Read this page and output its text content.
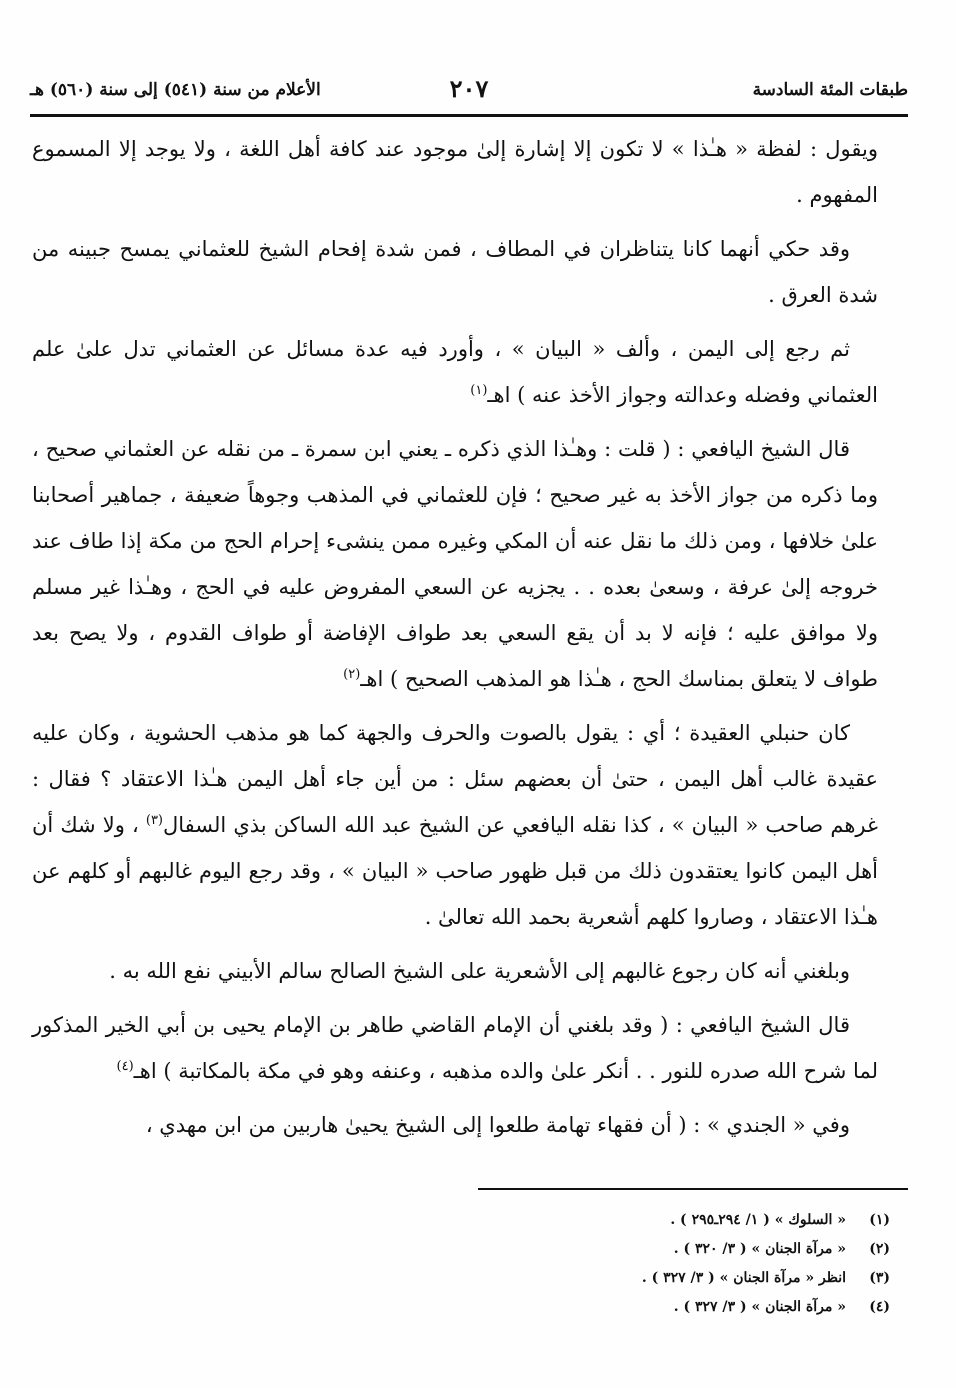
طبقات المئة السادسة
٢٠٧
الأعلام من سنة (٥٤١) إلى سنة (٥٦٠) هـ

ويقول : لفظة « هـٰذا » لا تكون إلا إشارة إلىٰ موجود عند كافة أهل اللغة ، ولا يوجد إلا المسموع المفهوم .

وقد حكي أنهما كانا يتناظران في المطاف ، فمن شدة إفحام الشيخ للعثماني يمسح جبينه من شدة العرق .

ثم رجع إلى اليمن ، وألف « البيان » ، وأورد فيه عدة مسائل عن العثماني تدل علىٰ علم العثماني وفضله وعدالته وجواز الأخذ عنه ) اهـ$^{(١)}$

قال الشيخ اليافعي : ( قلت : وهـٰذا الذي ذكره ـ يعني ابن سمرة ـ من نقله عن العثماني صحيح ، وما ذكره من جواز الأخذ به غير صحيح ؛ فإن للعثماني في المذهب وجوهاً ضعيفة ، جماهير أصحابنا علىٰ خلافها ، ومن ذلك ما نقل عنه أن المكي وغيره ممن ينشىء إحرام الحج من مكة إذا طاف عند خروجه إلىٰ عرفة ، وسعىٰ بعده . . يجزيه عن السعي المفروض عليه في الحج ، وهـٰذا غير مسلم ولا موافق عليه ؛ فإنه لا بد أن يقع السعي بعد طواف الإفاضة أو طواف القدوم ، ولا يصح بعد طواف لا يتعلق بمناسك الحج ، هـٰذا هو المذهب الصحيح ) اهـ$^{(٢)}$

كان حنبلي العقيدة ؛ أي : يقول بالصوت والحرف والجهة كما هو مذهب الحشوية ، وكان عليه عقيدة غالب أهل اليمن ، حتىٰ أن بعضهم سئل : من أين جاء أهل اليمن هـٰذا الاعتقاد ؟ فقال : غرهم صاحب « البيان » ، كذا نقله اليافعي عن الشيخ عبد الله الساكن بذي السفال$^{(٣)}$ ، ولا شك أن أهل اليمن كانوا يعتقدون ذلك من قبل ظهور صاحب « البيان » ، وقد رجع اليوم غالبهم أو كلهم عن هـٰذا الاعتقاد ، وصاروا كلهم أشعرية بحمد الله تعالىٰ .

وبلغني أنه كان رجوع غالبهم إلى الأشعرية على الشيخ الصالح سالم الأبيني نفع الله به .

قال الشيخ اليافعي : ( وقد بلغني أن الإمام القاضي طاهر بن الإمام يحيى بن أبي الخير المذكور لما شرح الله صدره للنور . . أنكر علىٰ والده مذهبه ، وعنفه وهو في مكة بالمكاتبة ) اهـ$^{(٤)}$

وفي « الجندي » : ( أن فقهاء تهامة طلعوا إلى الشيخ يحيىٰ هاربين من ابن مهدي ،

(١)
« السلوك » ( ١/ ٢٩٤ـ٢٩٥ ) .
(٢)
« مرآة الجنان » ( ٣/ ٣٢٠ ) .
(٣)
انظر « مرآة الجنان » ( ٣/ ٣٢٧ ) .
(٤)
« مرآة الجنان » ( ٣/ ٣٢٧ ) .
